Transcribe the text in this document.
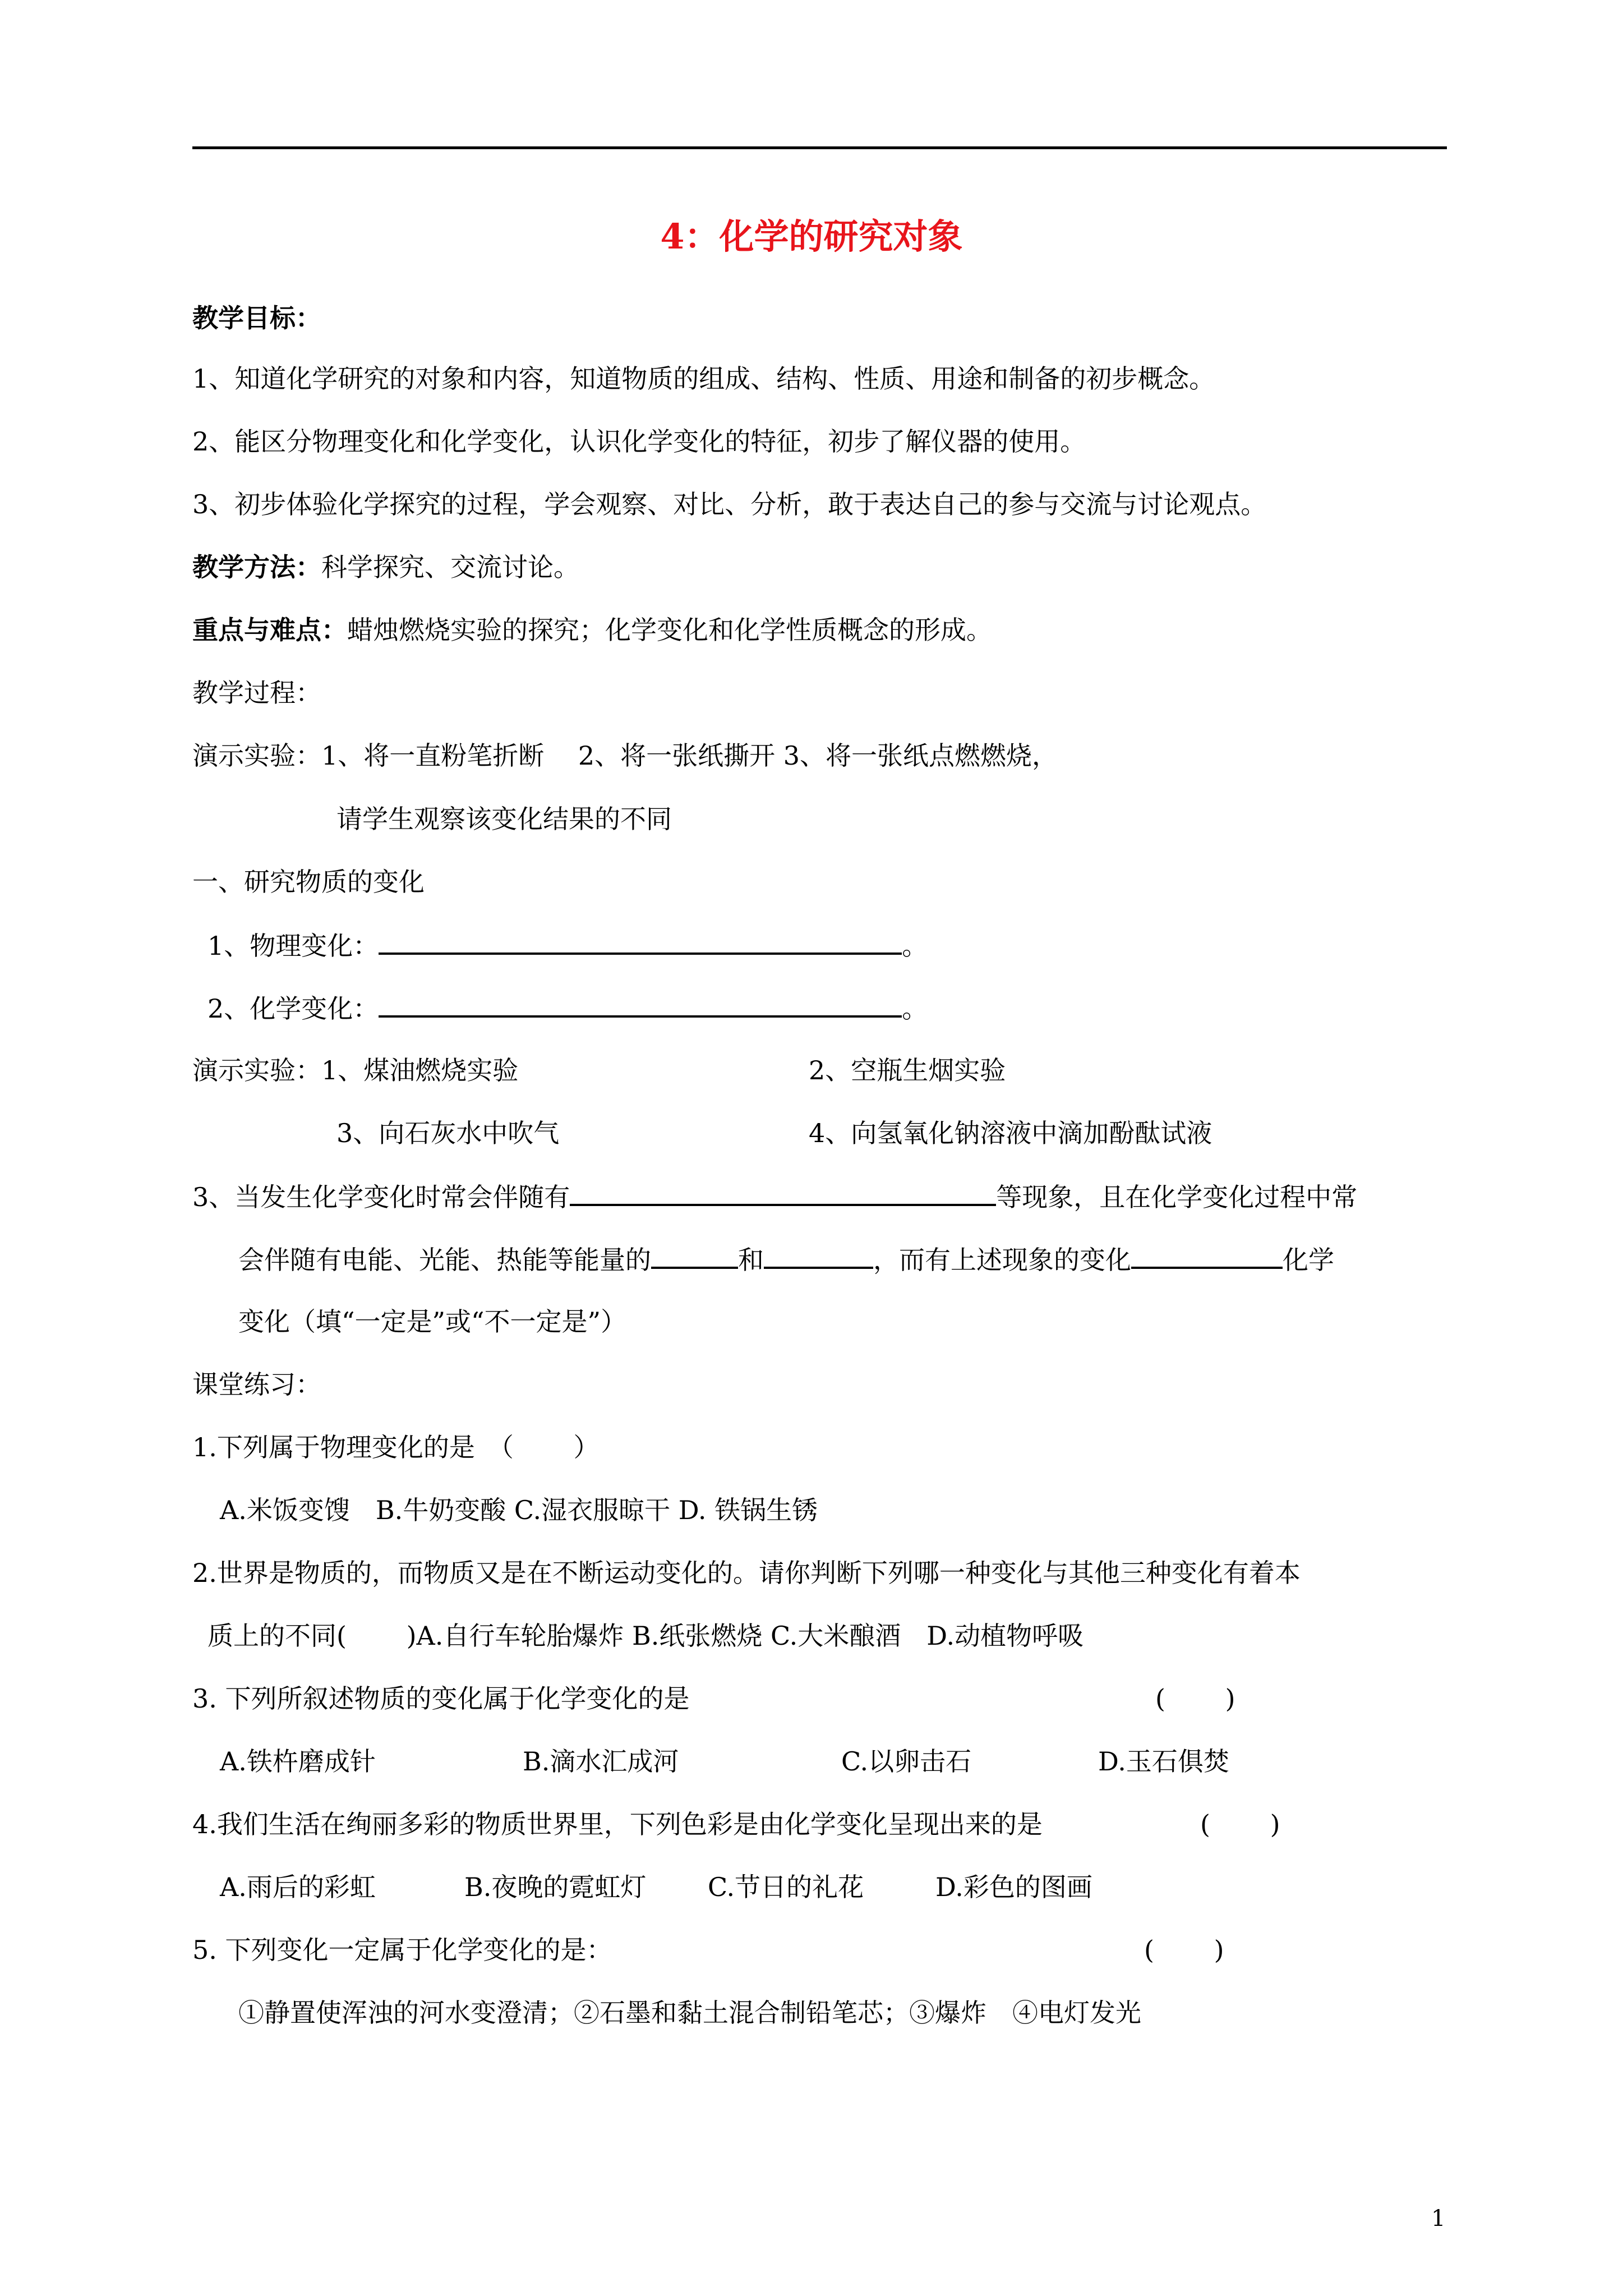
4：化学的研究对象
教学目标：
1、知道化学研究的对象和内容，知道物质的组成、结构、性质、用途和制备的初步概念。
2、能区分物理变化和化学变化，认识化学变化的特征，初步了解仪器的使用。
3、初步体验化学探究的过程，学会观察、对比、分析，敢于表达自己的参与交流与讨论观点。
教学方法：科学探究、交流讨论。
重点与难点：蜡烛燃烧实验的探究；化学变化和化学性质概念的形成。
教学过程：
演示实验：1、将一直粉笔折断　 2、将一张纸撕开 3、将一张纸点燃燃烧，
请学生观察该变化结果的不同
一、研究物质的变化
1、物理变化：	。
2、化学变化：	。
演示实验：1、煤油燃烧实验	2、空瓶生烟实验
3、向石灰水中吹气	4、向氢氧化钠溶液中滴加酚酞试液
3、当发生化学变化时常会伴随有	等现象，且在化学变化过程中常
会伴随有电能、光能、热能等能量的	和	，而有上述现象的变化	化学
变化（填“一定是”或“不一定是”）
课堂练习：
1.下列属于物理变化的是　（　　 ）
A.米饭变馊　B.牛奶变酸 C.湿衣服晾干 D. 铁锅生锈
2.世界是物质的，而物质又是在不断运动变化的。请你判断下列哪一种变化与其他三种变化有着本
质上的不同(　　 )A.自行车轮胎爆炸 B.纸张燃烧 C.大米酿酒　D.动植物呼吸
3. 下列所叙述物质的变化属于化学变化的是	(　　 )
A.铁杵磨成针	B.滴水汇成河	C.以卵击石	D.玉石俱焚
4.我们生活在绚丽多彩的物质世界里，下列色彩是由化学变化呈现出来的是	(　　 )
A.雨后的彩虹	B.夜晚的霓虹灯 C.节日的礼花	D.彩色的图画
5. 下列变化一定属于化学变化的是：	(　　 )
①静置使浑浊的河水变澄清；②石墨和黏土混合制铅笔芯；③爆炸　④电灯发光
1
